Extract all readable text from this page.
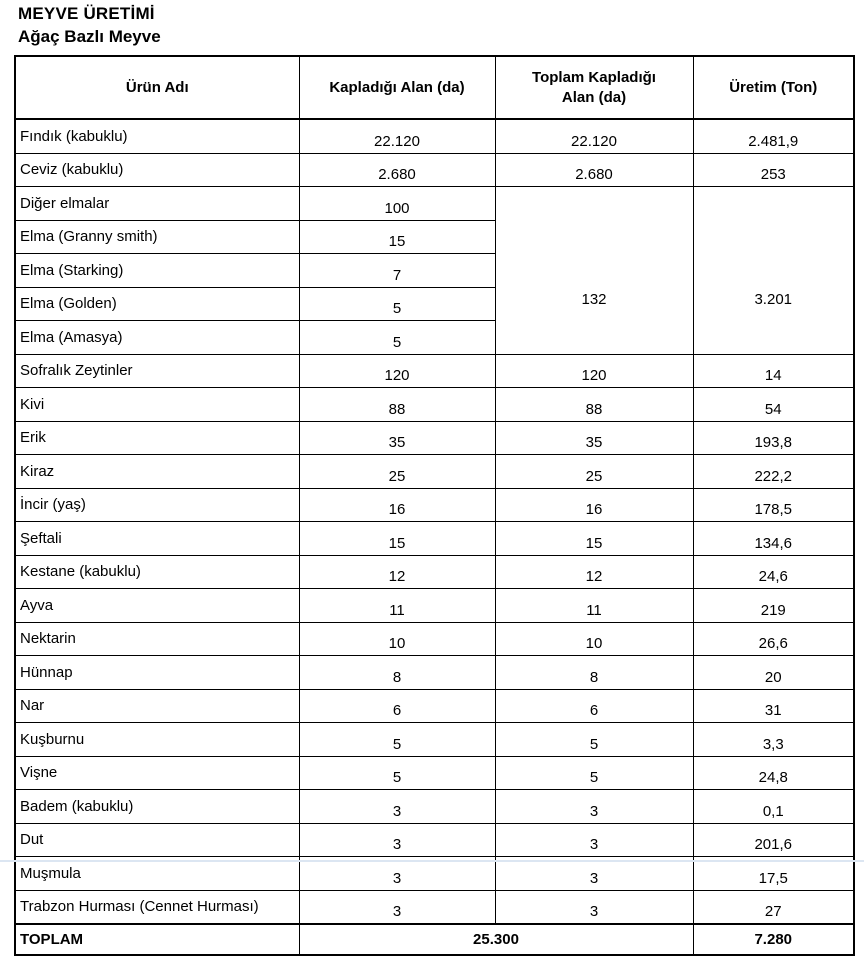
MEYVE ÜRETİMİ
Ağaç Bazlı Meyve
Ürün Adı	Kapladığı Alan (da)	Toplam Kapladığı Alan (da)	Üretim (Ton)
Fındık (kabuklu)	22.120	22.120	2.481,9
Ceviz (kabuklu)	2.680	2.680	253
Diğer elmalar	100	132	3.201
Elma (Granny smith)	15		
Elma (Starking)	7		
Elma (Golden)	5		
Elma (Amasya)	5		
Sofralık Zeytinler	120	120	14
Kivi	88	88	54
Erik	35	35	193,8
Kiraz	25	25	222,2
İncir (yaş)	16	16	178,5
Şeftali	15	15	134,6
Kestane (kabuklu)	12	12	24,6
Ayva	11	11	219
Nektarin	10	10	26,6
Hünnap	8	8	20
Nar	6	6	31
Kuşburnu	5	5	3,3
Vişne	5	5	24,8
Badem (kabuklu)	3	3	0,1
Dut	3	3	201,6
Muşmula	3	3	17,5
Trabzon Hurması (Cennet Hurması)	3	3	27
TOPLAM	25.300		7.280
